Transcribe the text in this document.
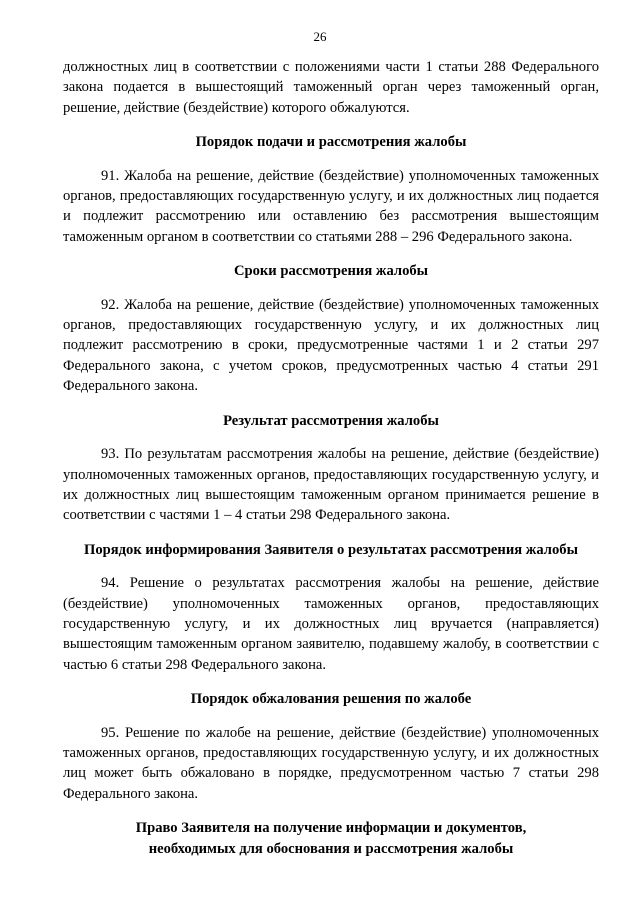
26

должностных лиц в соответствии с положениями части 1 статьи 288 Федерального закона подается в вышестоящий таможенный орган через таможенный орган, решение, действие (бездействие) которого обжалуются.

Порядок подачи и рассмотрения жалобы

91. Жалоба на решение, действие (бездействие) уполномоченных таможенных органов, предоставляющих государственную услугу, и их должностных лиц подается и подлежит рассмотрению или оставлению без рассмотрения вышестоящим таможенным органом в соответствии со статьями 288 – 296 Федерального закона.

Сроки рассмотрения жалобы

92. Жалоба на решение, действие (бездействие) уполномоченных таможенных органов, предоставляющих государственную услугу, и их должностных лиц подлежит рассмотрению в сроки, предусмотренные частями 1 и 2 статьи 297 Федерального закона, с учетом сроков, предусмотренных частью 4 статьи 291 Федерального закона.

Результат рассмотрения жалобы

93. По результатам рассмотрения жалобы на решение, действие (бездействие) уполномоченных таможенных органов, предоставляющих государственную услугу, и их должностных лиц вышестоящим таможенным органом принимается решение в соответствии с частями 1 – 4 статьи 298 Федерального закона.

Порядок информирования Заявителя о результатах рассмотрения жалобы

94. Решение о результатах рассмотрения жалобы на решение, действие (бездействие) уполномоченных таможенных органов, предоставляющих государственную услугу, и их должностных лиц вручается (направляется) вышестоящим таможенным органом заявителю, подавшему жалобу, в соответствии с частью 6 статьи 298 Федерального закона.

Порядок обжалования решения по жалобе

95. Решение по жалобе на решение, действие (бездействие) уполномоченных таможенных органов, предоставляющих государственную услугу, и их должностных лиц может быть обжаловано в порядке, предусмотренном частью 7 статьи 298 Федерального закона.

Право Заявителя на получение информации и документов,
необходимых для обоснования и рассмотрения жалобы
